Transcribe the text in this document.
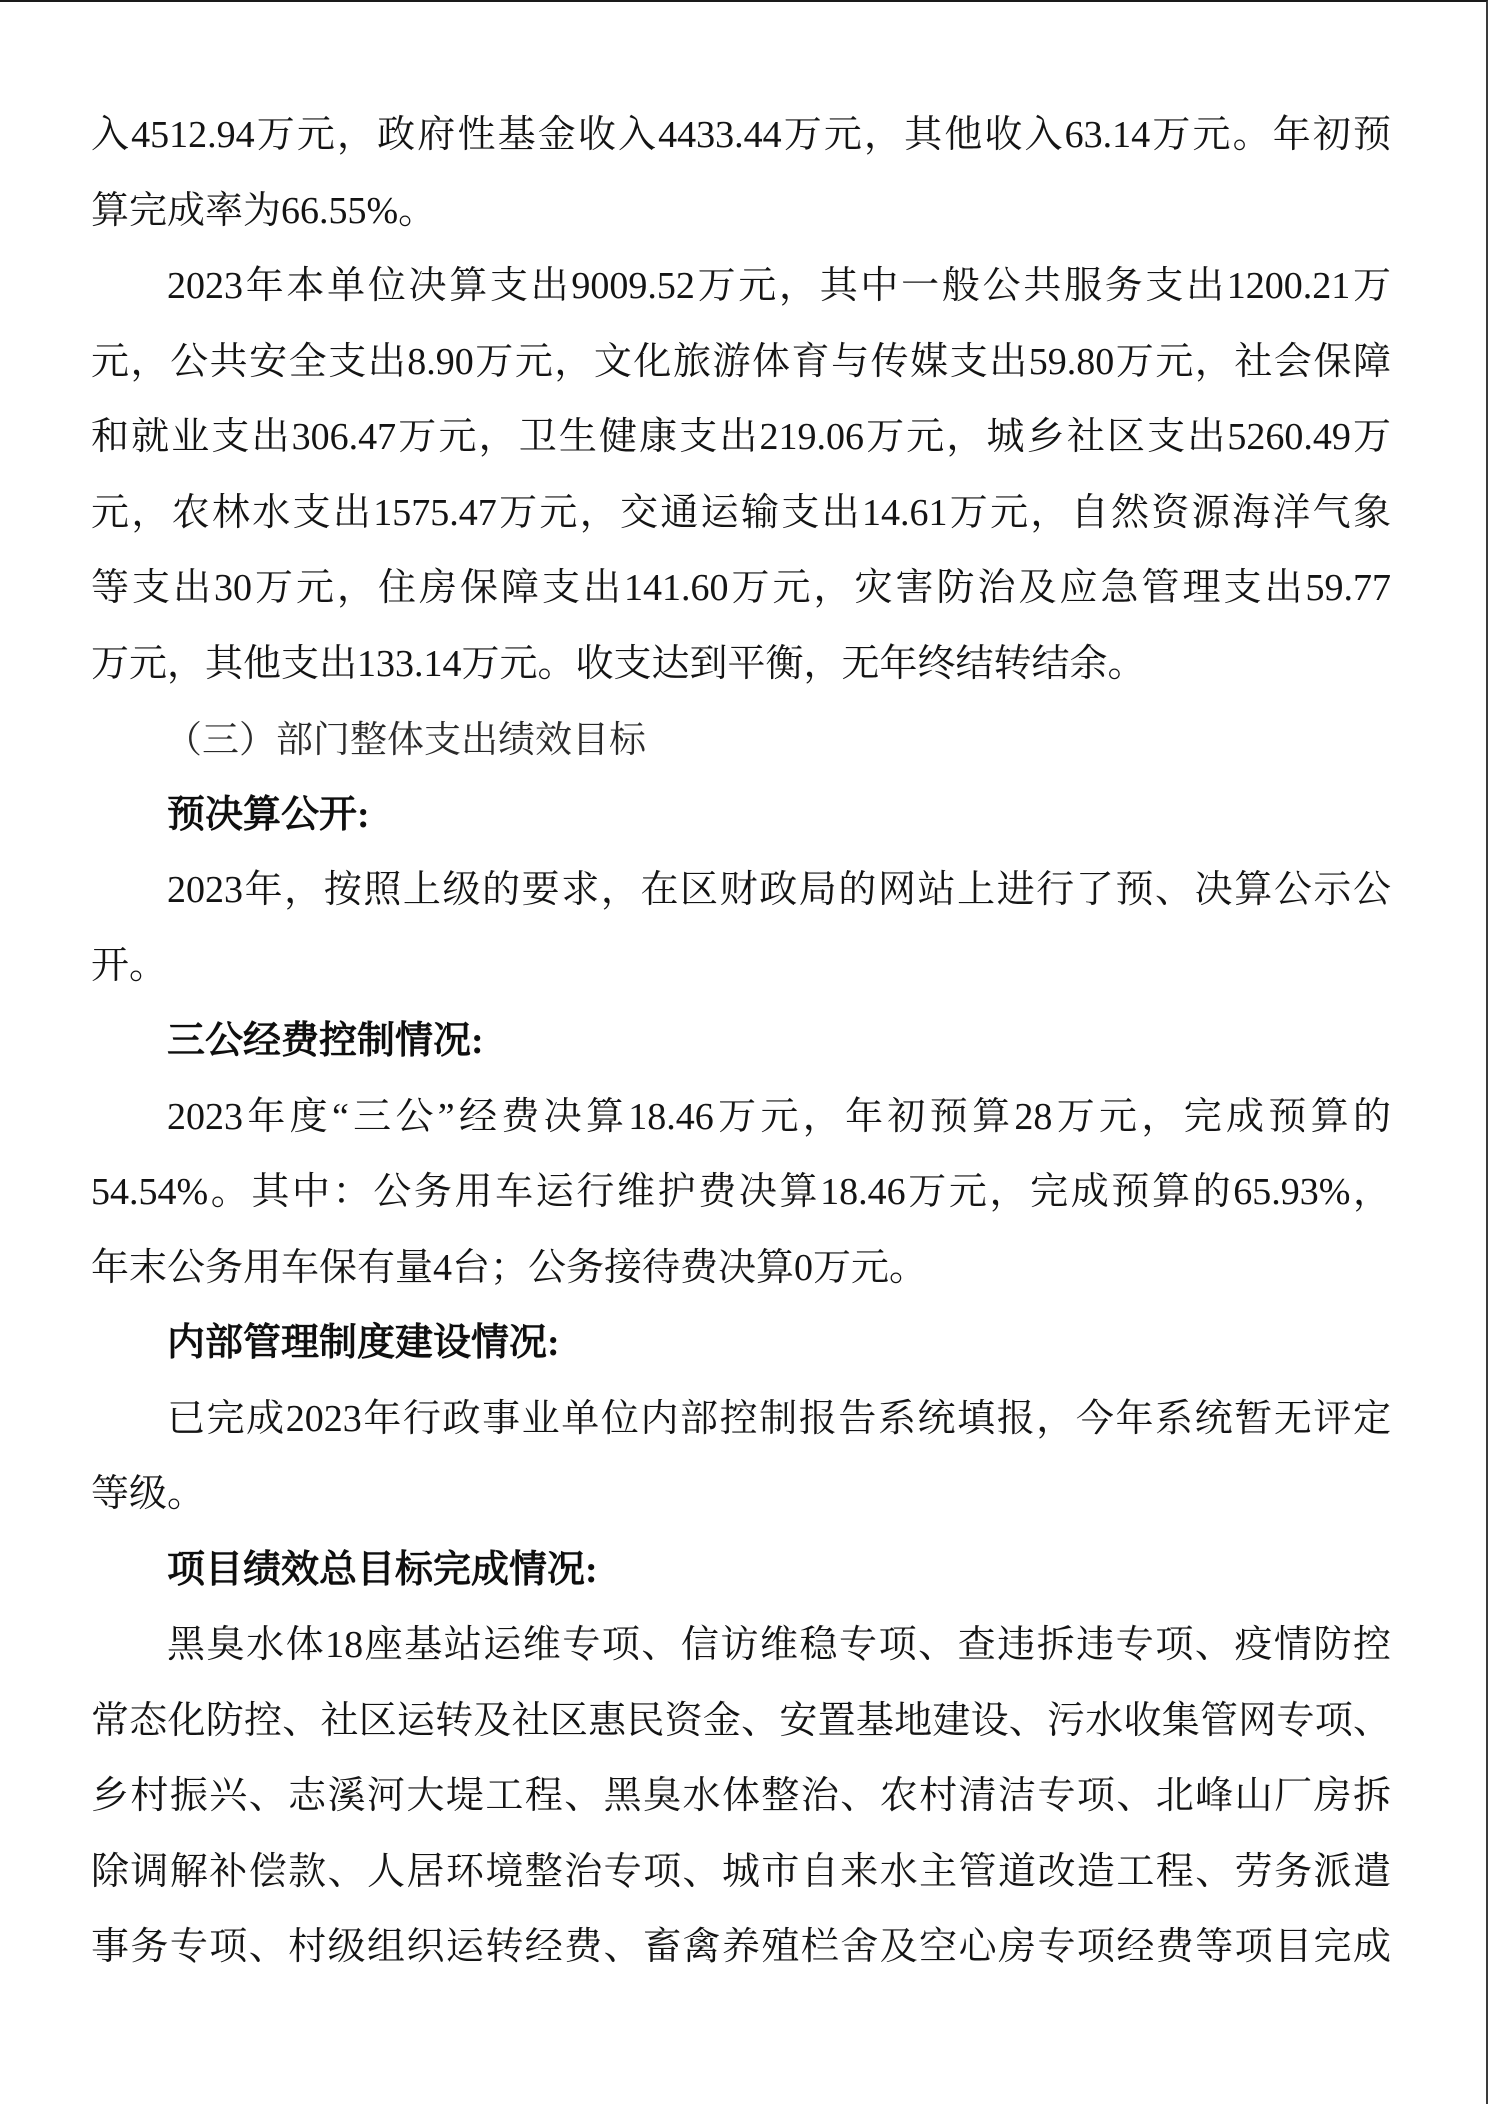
入4512.94万元，政府性基金收入4433.44万元，其他收入63.14万元。年初预
算完成率为66.55%。
2023年本单位决算支出9009.52万元，其中一般公共服务支出1200.21万
元，公共安全支出8.90万元，文化旅游体育与传媒支出59.80万元，社会保障
和就业支出306.47万元，卫生健康支出219.06万元，城乡社区支出5260.49万
元，农林水支出1575.47万元，交通运输支出14.61万元，自然资源海洋气象
等支出30万元，住房保障支出141.60万元，灾害防治及应急管理支出59.77
万元，其他支出133.14万元。收支达到平衡，无年终结转结余。
（三）部门整体支出绩效目标
预决算公开:
2023年，按照上级的要求，在区财政局的网站上进行了预、决算公示公
开。
三公经费控制情况:
2023年度“三公”经费决算18.46万元，年初预算28万元，完成预算的
54.54%。其中：公务用车运行维护费决算18.46万元，完成预算的65.93%，
年末公务用车保有量4台；公务接待费决算0万元。
内部管理制度建设情况:
已完成2023年行政事业单位内部控制报告系统填报，今年系统暂无评定
等级。
项目绩效总目标完成情况:
黑臭水体18座基站运维专项、信访维稳专项、查违拆违专项、疫情防控
常态化防控、社区运转及社区惠民资金、安置基地建设、污水收集管网专项、
乡村振兴、志溪河大堤工程、黑臭水体整治、农村清洁专项、北峰山厂房拆
除调解补偿款、人居环境整治专项、城市自来水主管道改造工程、劳务派遣
事务专项、村级组织运转经费、畜禽养殖栏舍及空心房专项经费等项目完成
